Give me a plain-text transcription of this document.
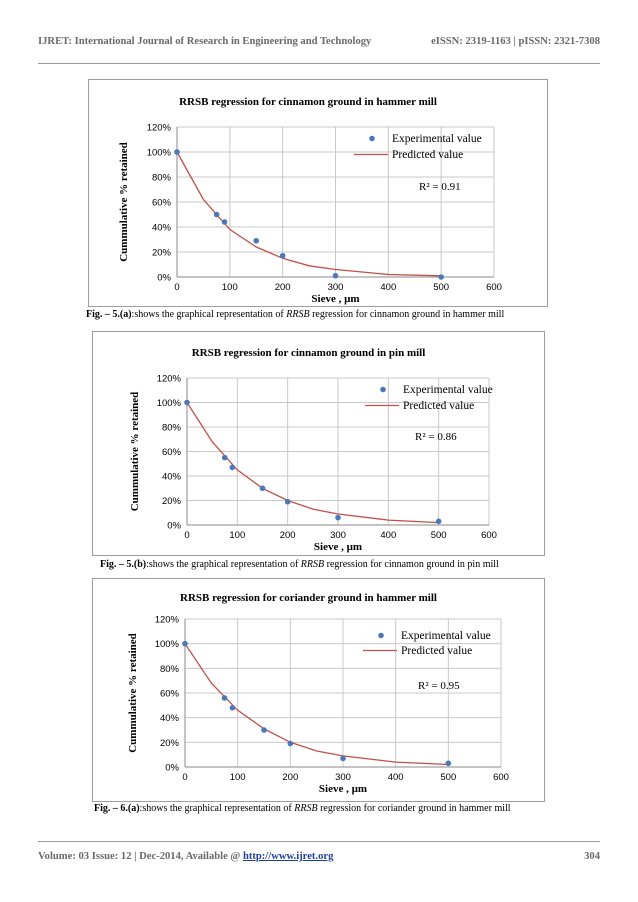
IJRET: International Journal of Research in Engineering and Technology	eISSN: 2319-1163 | pISSN: 2321-7308
RRSB regression for cinnamon ground in hammer mill
0%
20%
40%
60%
80%
100%
120%
0	100	200	300	400	500	600
Sieve , µm
Cummulative % retained
Experimental value
Predicted value
R² = 0.91
Fig. – 5.(a):shows the graphical representation of RRSB regression for cinnamon ground in hammer mill
RRSB regression for cinnamon ground in pin mill
0%
20%
40%
60%
80%
100%
120%
0	100	200	300	400	500	600
Sieve , µm
Cummulative % retained
Experimental value
Predicted value
R² = 0.86
Fig. – 5.(b):shows the graphical representation of RRSB regression for cinnamon ground in pin mill
RRSB regression for coriander ground in hammer mill
0%
20%
40%
60%
80%
100%
120%
0	100	200	300	400	500	600
Sieve , µm
Cummulative % retained	Experimental value
Predicted value
R² = 0.95
Fig. – 6.(a):shows the graphical representation of RRSB regression for coriander ground in hammer mill
Volume: 03 Issue: 12 | Dec-2014, Available @ http://www.ijret.org	304
